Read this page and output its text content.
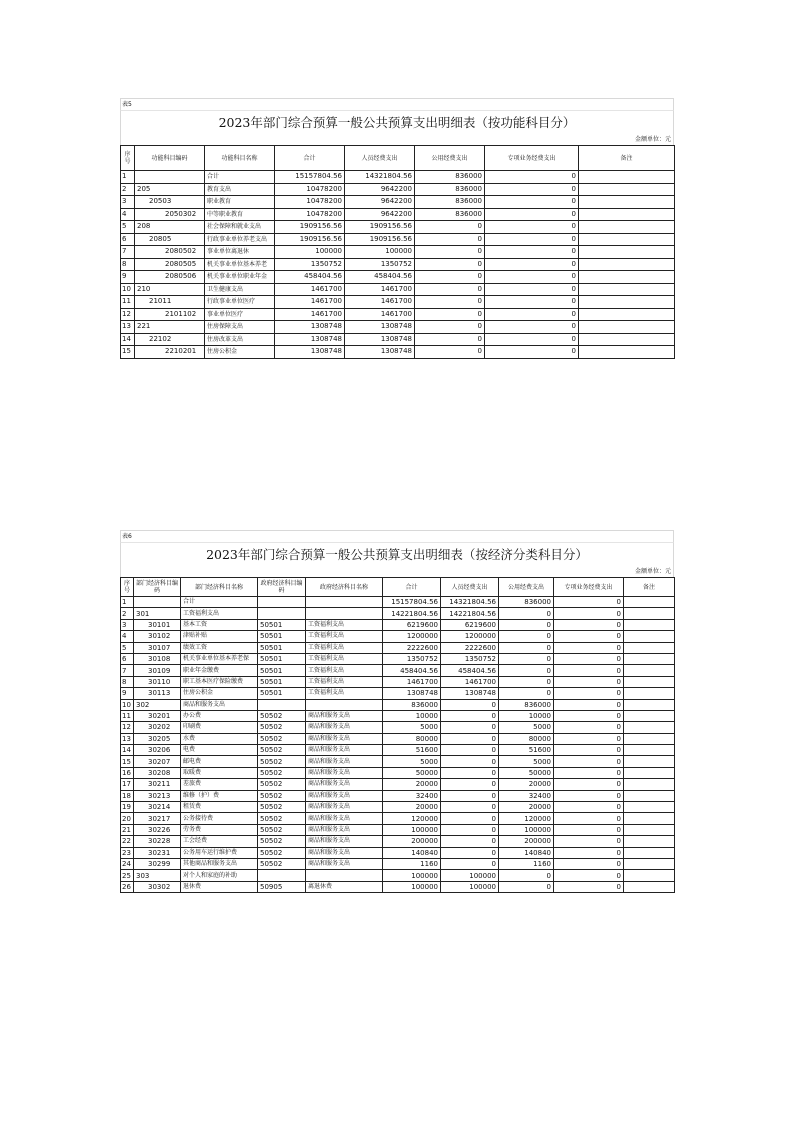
表5
2023年部门综合预算一般公共预算支出明细表（按功能科目分）
金额单位：元
序号	功能科目编码	功能科目名称	合计	人员经费支出	公用经费支出	专项业务经费支出	备注
1		合计	15157804.56	14321804.56	836000	0	
2	205	教育支出	10478200	9642200	836000	0	
3	20503	职业教育	10478200	9642200	836000	0	
4	2050302	中等职业教育	10478200	9642200	836000	0	
5	208	社会保障和就业支出	1909156.56	1909156.56	0	0	
6	20805	行政事业单位养老支出	1909156.56	1909156.56	0	0	
7	2080502	事业单位离退休	100000	100000	0	0	
8	2080505	机关事业单位基本养老	1350752	1350752	0	0	
9	2080506	机关事业单位职业年金	458404.56	458404.56	0	0	
10	210	卫生健康支出	1461700	1461700	0	0	
11	21011	行政事业单位医疗	1461700	1461700	0	0	
12	2101102	事业单位医疗	1461700	1461700	0	0	
13	221	住房保障支出	1308748	1308748	0	0	
14	22102	住房改革支出	1308748	1308748	0	0	
15	2210201	住房公积金	1308748	1308748	0	0	
表6
2023年部门综合预算一般公共预算支出明细表（按经济分类科目分）
金额单位：元
序号	部门经济科目编码	部门经济科目名称	政府经济科目编码	政府经济科目名称	合计	人员经费支出	公用经费支出	专项业务经费支出	备注
1		合计			15157804.56	14321804.56	836000	0	
2	301	工资福利支出			14221804.56	14221804.56	0	0	
3	30101	基本工资	50501	工资福利支出	6219600	6219600	0	0	
4	30102	津贴补贴	50501	工资福利支出	1200000	1200000	0	0	
5	30107	绩效工资	50501	工资福利支出	2222600	2222600	0	0	
6	30108	机关事业单位基本养老保	50501	工资福利支出	1350752	1350752	0	0	
7	30109	职业年金缴费	50501	工资福利支出	458404.56	458404.56	0	0	
8	30110	职工基本医疗保险缴费	50501	工资福利支出	1461700	1461700	0	0	
9	30113	住房公积金	50501	工资福利支出	1308748	1308748	0	0	
10	302	商品和服务支出			836000	0	836000	0	
11	30201	办公费	50502	商品和服务支出	10000	0	10000	0	
12	30202	印刷费	50502	商品和服务支出	5000	0	5000	0	
13	30205	水费	50502	商品和服务支出	80000	0	80000	0	
14	30206	电费	50502	商品和服务支出	51600	0	51600	0	
15	30207	邮电费	50502	商品和服务支出	5000	0	5000	0	
16	30208	取暖费	50502	商品和服务支出	50000	0	50000	0	
17	30211	差旅费	50502	商品和服务支出	20000	0	20000	0	
18	30213	维修（护）费	50502	商品和服务支出	32400	0	32400	0	
19	30214	租赁费	50502	商品和服务支出	20000	0	20000	0	
20	30217	公务接待费	50502	商品和服务支出	120000	0	120000	0	
21	30226	劳务费	50502	商品和服务支出	100000	0	100000	0	
22	30228	工会经费	50502	商品和服务支出	200000	0	200000	0	
23	30231	公务用车运行维护费	50502	商品和服务支出	140840	0	140840	0	
24	30299	其他商品和服务支出	50502	商品和服务支出	1160	0	1160	0	
25	303	对个人和家庭的补助			100000	100000	0	0	
26	30302	退休费	50905	离退休费	100000	100000	0	0	
